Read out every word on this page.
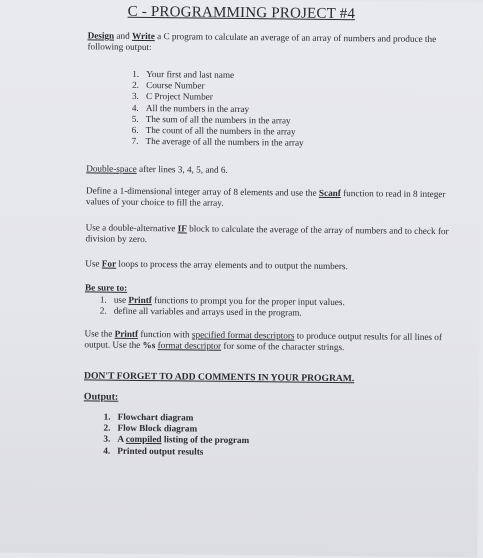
C - PROGRAMMING PROJECT #4
Design and Write a C program to calculate an average of an array of numbers and produce the following output:
1. Your first and last name
2. Course Number
3. C Project Number
4. All the numbers in the array
5. The sum of all the numbers in the array
6. The count of all the numbers in the array
7. The average of all the numbers in the array
Double-space after lines 3, 4, 5, and 6.
Define a 1-dimensional integer array of 8 elements and use the Scanf function to read in 8 integer values of your choice to fill the array.
Use a double-alternative IF block to calculate the average of the array of numbers and to check for division by zero.
Use For loops to process the array elements and to output the numbers.
Be sure to:
1. use Printf functions to prompt you for the proper input values.
2. define all variables and arrays used in the program.
Use the Printf function with specified format descriptors to produce output results for all lines of output. Use the %s format descriptor for some of the character strings.
DON'T FORGET TO ADD COMMENTS IN YOUR PROGRAM.
Output:
1. Flowchart diagram
2. Flow Block diagram
3. A compiled listing of the program
4. Printed output results
